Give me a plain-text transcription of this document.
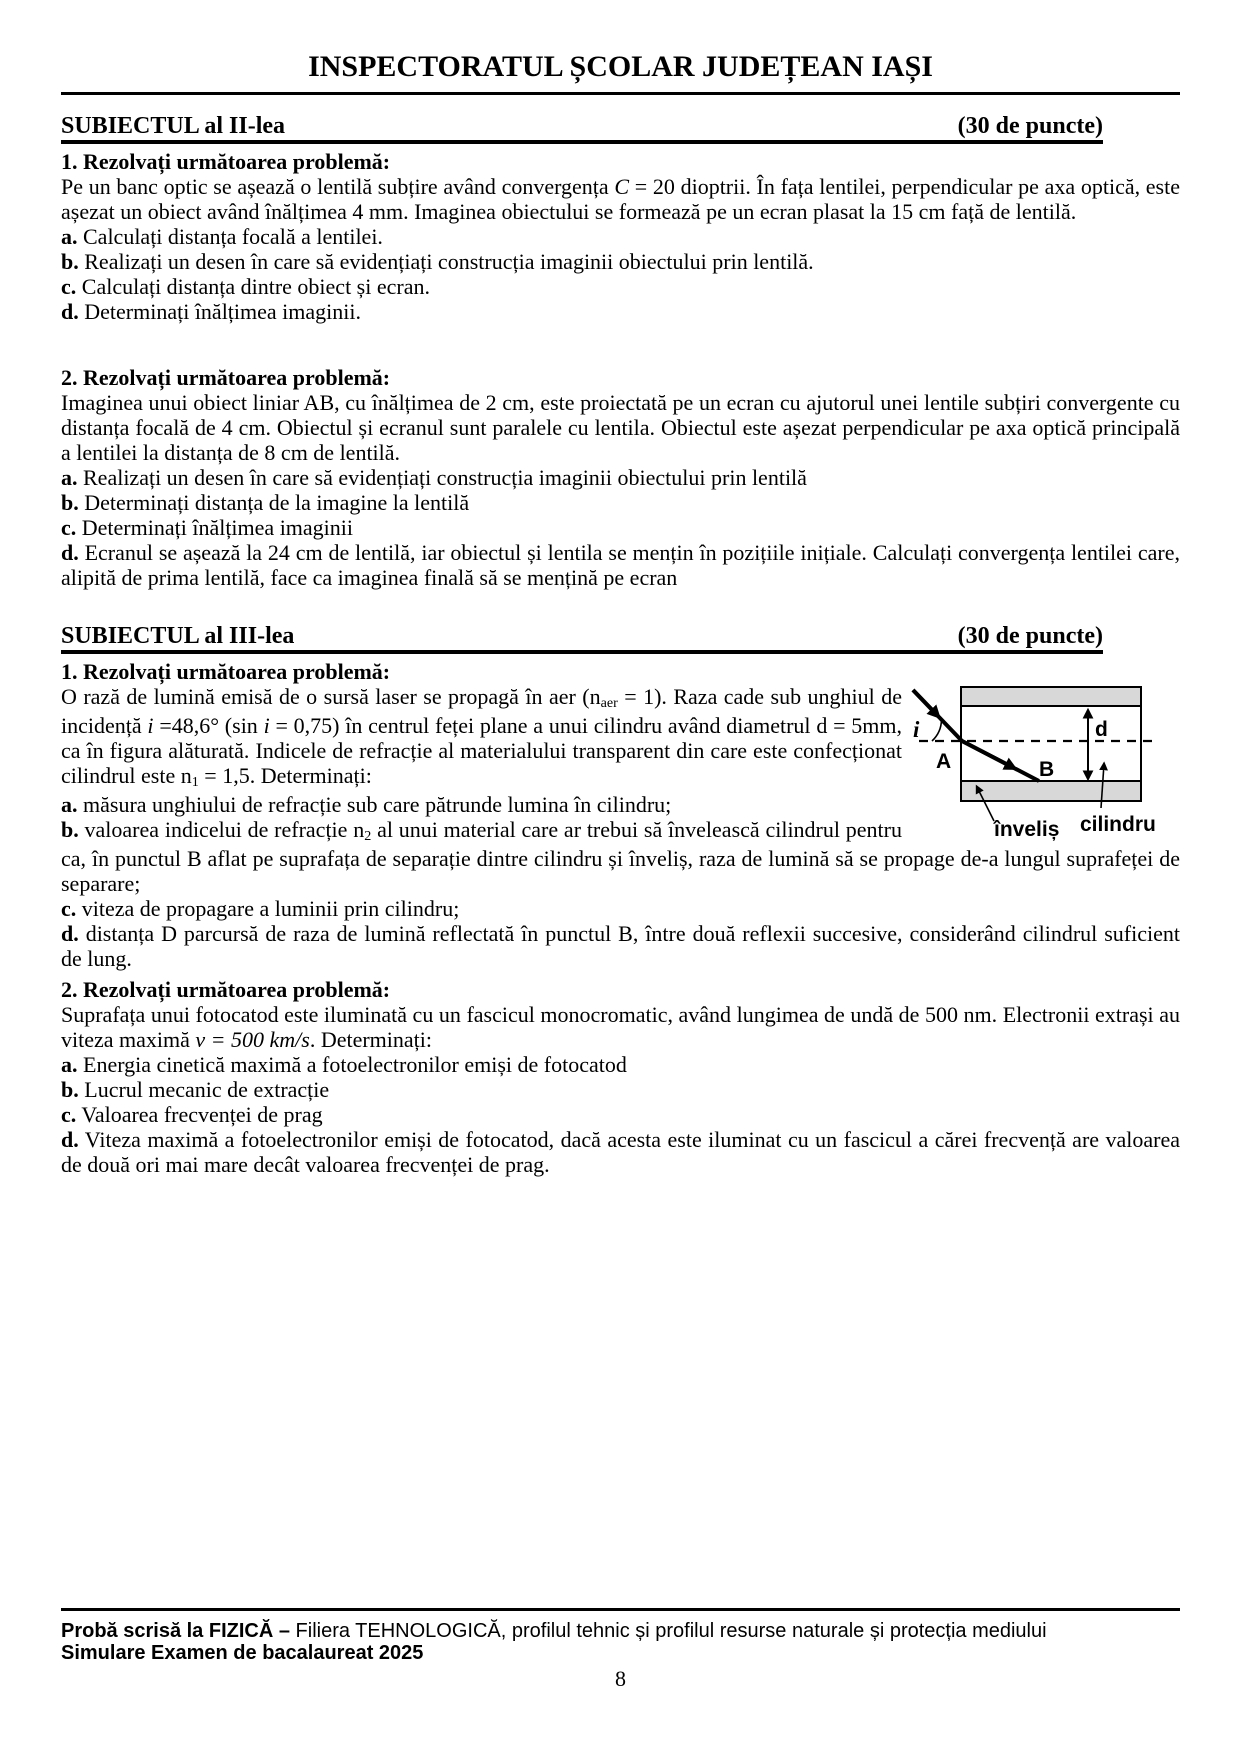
INSPECTORATUL ȘCOLAR JUDEȚEAN IAȘI
SUBIECTUL al II-lea	(30 de puncte)
1. Rezolvați următoarea problemă:
Pe un banc optic se așează o lentilă subțire având convergența C = 20 dioptrii. În fața lentilei, perpendicular pe axa optică, este așezat un obiect având înălțimea 4 mm. Imaginea obiectului se formează pe un ecran plasat la 15 cm față de lentilă.
a. Calculați distanța focală a lentilei.
b. Realizați un desen în care să evidențiați construcția imaginii obiectului prin lentilă.
c. Calculați distanța dintre obiect și ecran.
d. Determinați înălțimea imaginii.
2. Rezolvați următoarea problemă:
Imaginea unui obiect liniar AB, cu înălțimea de 2 cm, este proiectată pe un ecran cu ajutorul unei lentile subțiri convergente cu distanța focală de 4 cm. Obiectul și ecranul sunt paralele cu lentila. Obiectul este așezat perpendicular pe axa optică principală a lentilei la distanța de 8 cm de lentilă.
a. Realizați un desen în care să evidențiați construcția imaginii obiectului prin lentilă
b. Determinați distanța de la imagine la lentilă
c. Determinați înălțimea imaginii
d. Ecranul se așează la 24 cm de lentilă, iar obiectul și lentila se mențin în pozițiile inițiale. Calculați convergența lentilei care, alipită de prima lentilă, face ca imaginea finală să se mențină pe ecran
SUBIECTUL al III-lea	(30 de puncte)
1. Rezolvați următoarea problemă:
i
A	B
d
înveliș cilindru
O rază de lumină emisă de o sursă laser se propagă în aer (naer = 1). Raza cade sub unghiul de incidență i =48,6° (sin i = 0,75) în centrul feței plane a unui cilindru având diametrul d = 5mm, ca în figura alăturată. Indicele de refracție al materialului transparent din care este confecționat cilindrul este n1 = 1,5. Determinați:
a. măsura unghiului de refracție sub care pătrunde lumina în cilindru;
b. valoarea indicelui de refracție n2 al unui material care ar trebui să învelească cilindrul pentru ca, în punctul B aflat pe suprafața de separație dintre cilindru și înveliș, raza de lumină să se propage de-a lungul suprafeței de separare;
c. viteza de propagare a luminii prin cilindru;
d. distanța D parcursă de raza de lumină reflectată în punctul B, între două reflexii succesive, considerând cilindrul suficient de lung.
2. Rezolvați următoarea problemă:
Suprafața unui fotocatod este iluminată cu un fascicul monocromatic, având lungimea de undă de 500 nm. Electronii extrași au viteza maximă v = 500 km/s. Determinați:
a. Energia cinetică maximă a fotoelectronilor emiși de fotocatod
b. Lucrul mecanic de extracție
c. Valoarea frecvenței de prag
d. Viteza maximă a fotoelectronilor emiși de fotocatod, dacă acesta este iluminat cu un fascicul a cărei frecvență are valoarea de două ori mai mare decât valoarea frecvenței de prag.
Probă scrisă la FIZICĂ – Filiera TEHNOLOGICĂ, profilul tehnic și profilul resurse naturale și protecția mediului
Simulare Examen de bacalaureat 2025
8
